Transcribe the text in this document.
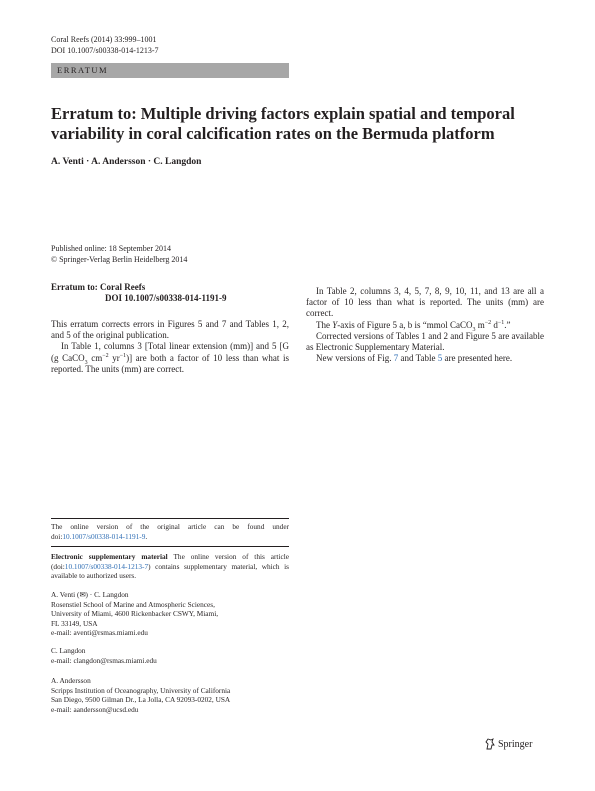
Coral Reefs (2014) 33:999–1001
DOI 10.1007/s00338-014-1213-7
ERRATUM
Erratum to: Multiple driving factors explain spatial and temporal variability in coral calcification rates on the Bermuda platform
A. Venti · A. Andersson · C. Langdon
Published online: 18 September 2014
© Springer-Verlag Berlin Heidelberg 2014
Erratum to: Coral Reefs
DOI 10.1007/s00338-014-1191-9

This erratum corrects errors in Figures 5 and 7 and Tables 1, 2, and 5 of the original publication.

In Table 1, columns 3 [Total linear extension (mm)] and 5 [G (g CaCO$_3$ $cm^{-2}$ $yr^{-1}$)] are both a factor of 10 less than what is reported. The units (mm) are correct.

In Table 2, columns 3, 4, 5, 7, 8, 9, 10, 11, and 13 are all a factor of 10 less than what is reported. The units (mm) are correct.

The Y-axis of Figure 5 a, b is “mmol CaCO$_3$ $m^{-2}$ $d^{-1}$.”

Corrected versions of Tables 1 and 2 and Figure 5 are available as Electronic Supplementary Material.

New versions of Fig. 7 and Table 5 are presented here.

The online version of the original article can be found under doi:10.1007/s00338-014-1191-9.
Electronic supplementary material The online version of this article (doi:10.1007/s00338-014-1213-7) contains supplementary material, which is available to authorized users.
A. Venti (✉) · C. Langdon
Rosenstiel School of Marine and Atmospheric Sciences,
University of Miami, 4600 Rickenbacker CSWY, Miami,
FL 33149, USA
e-mail: aventi@rsmas.miami.edu
C. Langdon
e-mail: clangdon@rsmas.miami.edu
A. Andersson
Scripps Institution of Oceanography, University of California
San Diego, 9500 Gilman Dr., La Jolla, CA 92093-0202, USA
e-mail: aandersson@ucsd.edu
Springer
